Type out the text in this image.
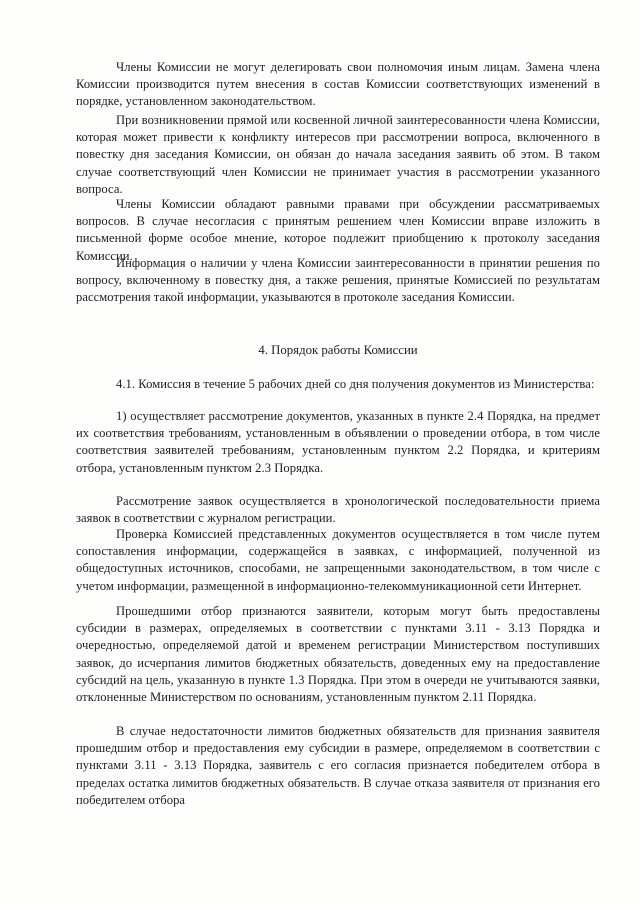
Члены Комиссии не могут делегировать свои полномочия иным лицам. Замена члена Комиссии производится путем внесения в состав Комиссии соответствующих изменений в порядке, установленном законодательством.

При возникновении прямой или косвенной личной заинтересованности члена Комиссии, которая может привести к конфликту интересов при рассмотрении вопроса, включенного в повестку дня заседания Комиссии, он обязан до начала заседания заявить об этом. В таком случае соответствующий член Комиссии не принимает участия в рассмотрении указанного вопроса.

Члены Комиссии обладают равными правами при обсуждении рассматриваемых вопросов. В случае несогласия с принятым решением член Комиссии вправе изложить в письменной форме особое мнение, которое подлежит приобщению к протоколу заседания Комиссии.

Информация о наличии у члена Комиссии заинтересованности в принятии решения по вопросу, включенному в повестку дня, а также решения, принятые Комиссией по результатам рассмотрения такой информации, указываются в протоколе заседания Комиссии.

4. Порядок работы Комиссии

4.1. Комиссия в течение 5 рабочих дней со дня получения документов из Министерства:

1) осуществляет рассмотрение документов, указанных в пункте 2.4 Порядка, на предмет их соответствия требованиям, установленным в объявлении о проведении отбора, в том числе соответствия заявителей требованиям, установленным пунктом 2.2 Порядка, и критериям отбора, установленным пунктом 2.3 Порядка.

Рассмотрение заявок осуществляется в хронологической последовательности приема заявок в соответствии с журналом регистрации.

Проверка Комиссией представленных документов осуществляется в том числе путем сопоставления информации, содержащейся в заявках, с информацией, полученной из общедоступных источников, способами, не запрещенными законодательством, в том числе с учетом информации, размещенной в информационно-телекоммуникационной сети Интернет.

Прошедшими отбор признаются заявители, которым могут быть предоставлены субсидии в размерах, определяемых в соответствии с пунктами 3.11 - 3.13 Порядка и очередностью, определяемой датой и временем регистрации Министерством поступивших заявок, до исчерпания лимитов бюджетных обязательств, доведенных ему на предоставление субсидий на цель, указанную в пункте 1.3 Порядка. При этом в очереди не учитываются заявки, отклоненные Министерством по основаниям, установленным пунктом 2.11 Порядка.

В случае недостаточности лимитов бюджетных обязательств для признания заявителя прошедшим отбор и предоставления ему субсидии в размере, определяемом в соответствии с пунктами 3.11 - 3.13 Порядка, заявитель с его согласия признается победителем отбора в пределах остатка лимитов бюджетных обязательств. В случае отказа заявителя от признания его победителем отбора
